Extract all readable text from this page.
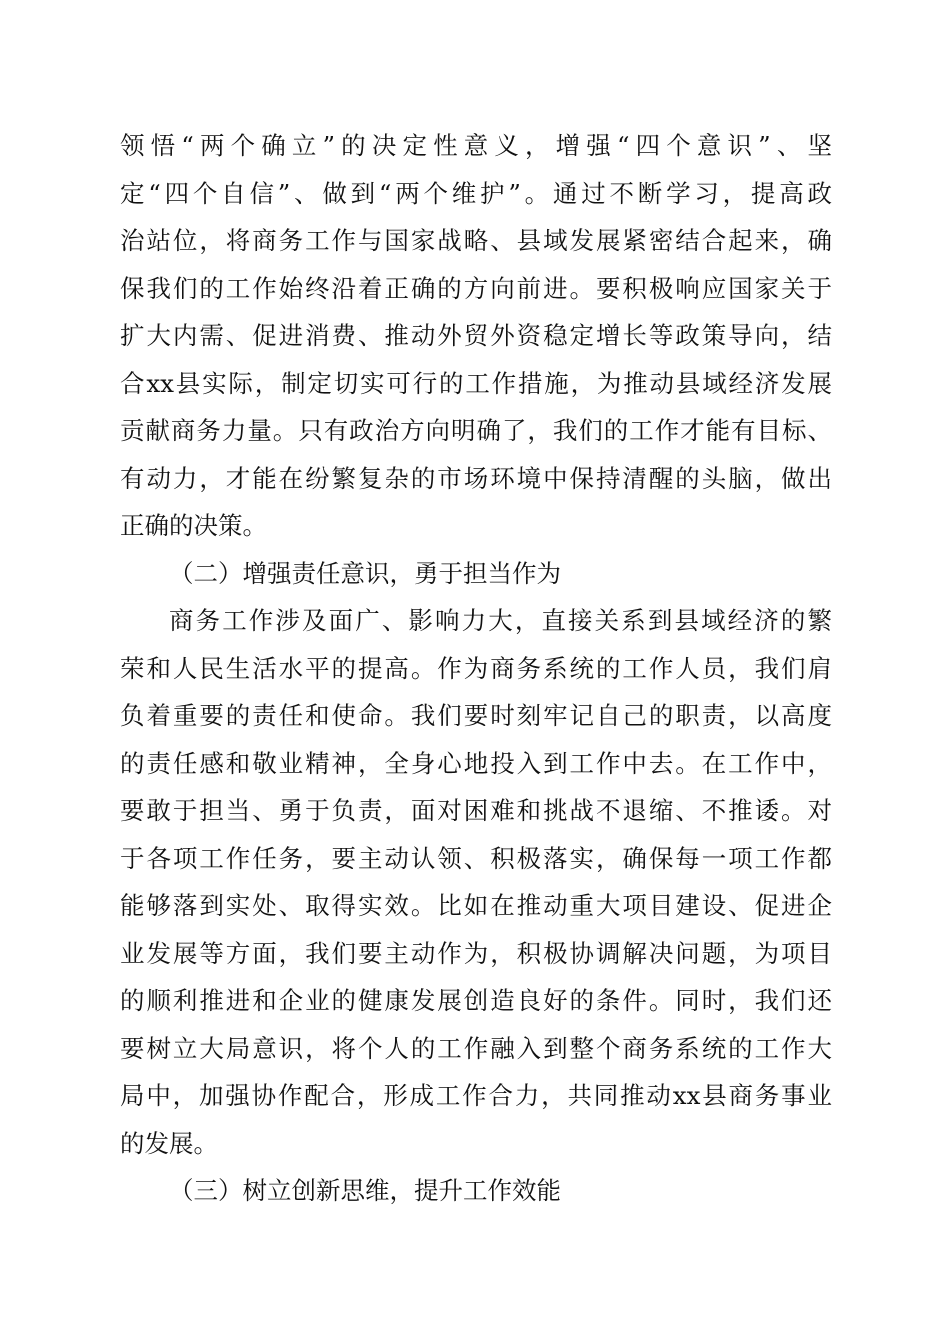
领悟“两个确立”的决定性意义，增强“四个意识”、坚
定“四个自信”、做到“两个维护”。通过不断学习，提高政
治站位，将商务工作与国家战略、县域发展紧密结合起来，确
保我们的工作始终沿着正确的方向前进。要积极响应国家关于
扩大内需、促进消费、推动外贸外资稳定增长等政策导向，结
合xx县实际，制定切实可行的工作措施，为推动县域经济发展
贡献商务力量。只有政治方向明确了，我们的工作才能有目标、
有动力，才能在纷繁复杂的市场环境中保持清醒的头脑，做出
正确的决策。
（二）增强责任意识，勇于担当作为
商务工作涉及面广、影响力大，直接关系到县域经济的繁
荣和人民生活水平的提高。作为商务系统的工作人员，我们肩
负着重要的责任和使命。我们要时刻牢记自己的职责，以高度
的责任感和敬业精神，全身心地投入到工作中去。在工作中，
要敢于担当、勇于负责，面对困难和挑战不退缩、不推诿。对
于各项工作任务，要主动认领、积极落实，确保每一项工作都
能够落到实处、取得实效。比如在推动重大项目建设、促进企
业发展等方面，我们要主动作为，积极协调解决问题，为项目
的顺利推进和企业的健康发展创造良好的条件。同时，我们还
要树立大局意识，将个人的工作融入到整个商务系统的工作大
局中，加强协作配合，形成工作合力，共同推动xx县商务事业
的发展。
（三）树立创新思维，提升工作效能
